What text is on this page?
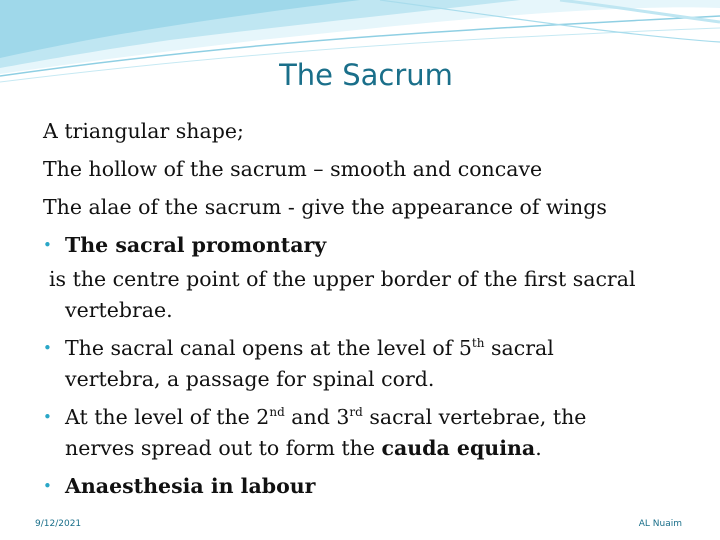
The Sacrum
A triangular shape;
The hollow of the sacrum – smooth and concave
The alae of the sacrum - give the appearance of wings
• The sacral promontary
is the centre point of the upper border of the first sacral
vertebrae.
• The sacral canal opens at the level of 5th sacral
vertebra, a passage for spinal cord.
• At the level of the 2nd and 3rd sacral vertebrae, the
nerves spread out to form the cauda equina.
• Anaesthesia in labour
9/12/2021	AL Nuaim
